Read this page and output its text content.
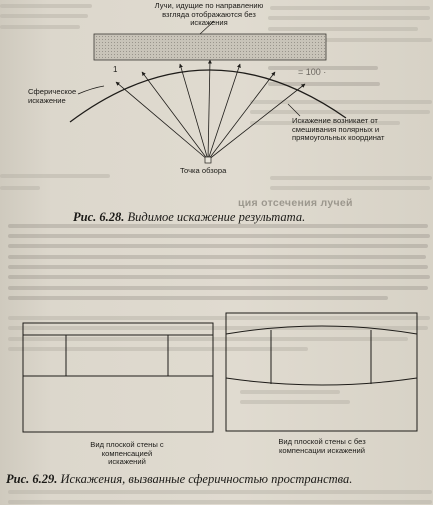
= 100 ·
ция отсечения лучей
1
Лучи, идущие по направлению взгляда отображаются без искажения
Сферическое искажение
Искажение возникает от смешивания полярных и прямоугольных координат
Точка обзора
Рис. 6.28. Видимое искажение результата.
Вид плоской стены с компенсацией искажений
Вид плоской стены с без компенсации искажений
Рис. 6.29. Искажения, вызванные сферичностью пространства.
